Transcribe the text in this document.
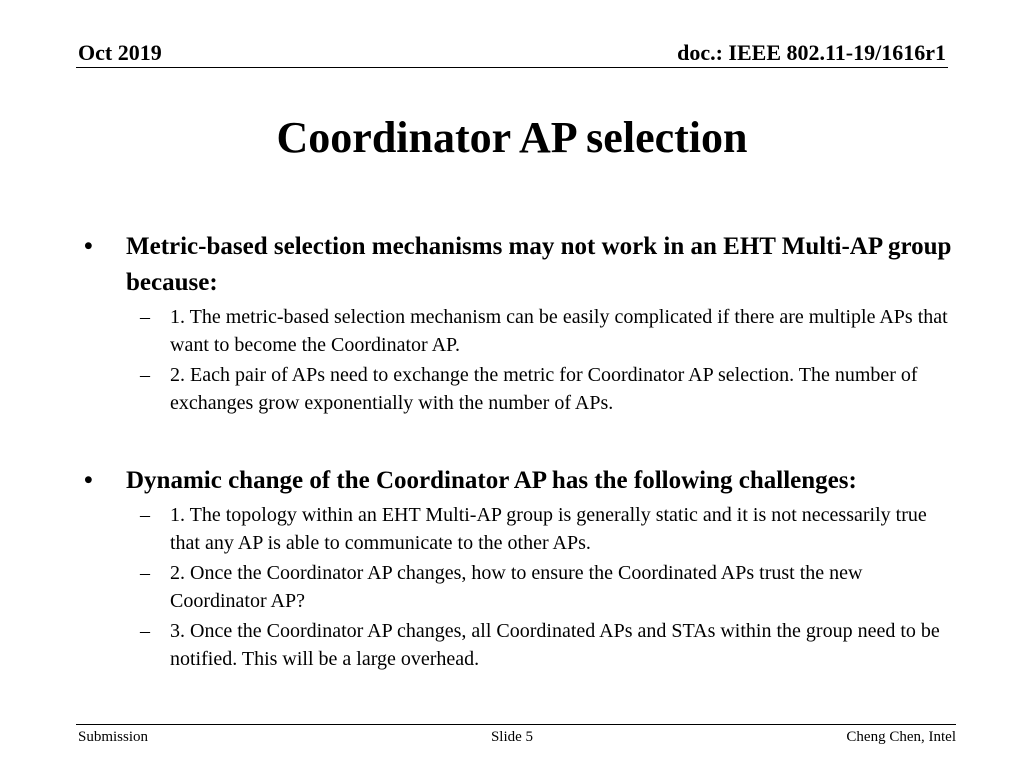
Oct 2019	doc.: IEEE 802.11-19/1616r1
Coordinator AP selection
• Metric-based selection mechanisms may not work in an EHT Multi-AP group because:
– 1. The metric-based selection mechanism can be easily complicated if there are multiple APs that want to become the Coordinator AP.
– 2. Each pair of APs need to exchange the metric for Coordinator AP selection. The number of exchanges grow exponentially with the number of APs.
• Dynamic change of the Coordinator AP has the following challenges:
– 1. The topology within an EHT Multi-AP group is generally static and it is not necessarily true that any AP is able to communicate to the other APs.
– 2. Once the Coordinator AP changes, how to ensure the Coordinated APs trust the new Coordinator AP?
– 3. Once the Coordinator AP changes, all Coordinated APs and STAs within the group need to be notified. This will be a large overhead.
Submission	Slide 5	Cheng Chen, Intel
